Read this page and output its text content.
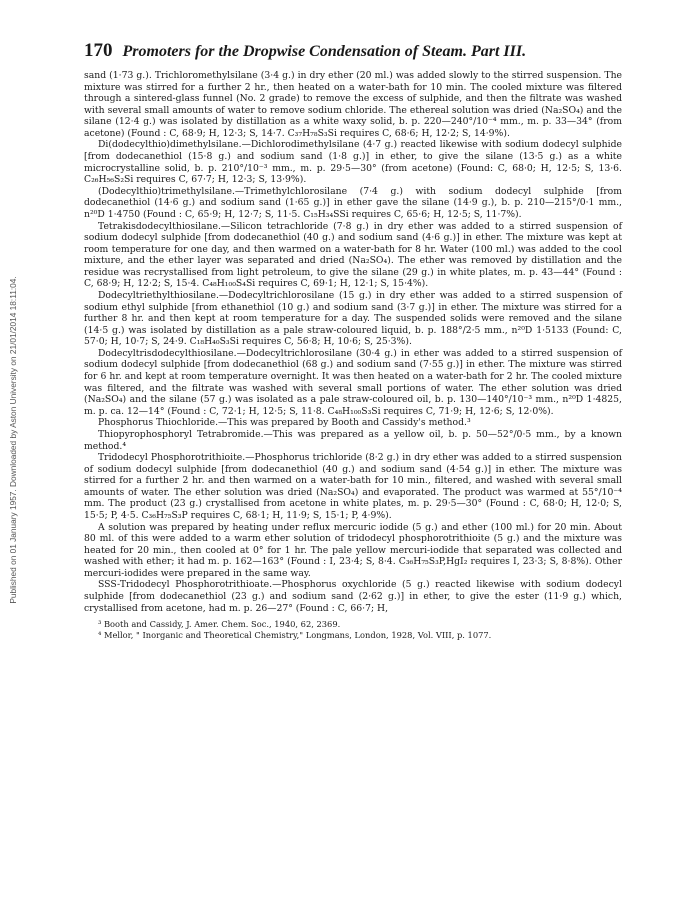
Published on 01 January 1957. Downloaded by Aston University on 21/01/2014 18:11:04.
170 Promoters for the Dropwise Condensation of Steam. Part III.

sand (1·73 g.). Trichloromethylsilane (3·4 g.) in dry ether (20 ml.) was added slowly to the stirred suspension. The mixture was stirred for a further 2 hr., then heated on a water-bath for 10 min. The cooled mixture was filtered through a sintered-glass funnel (No. 2 grade) to remove the excess of sulphide, and then the filtrate was washed with several small amounts of water to remove sodium chloride. The ethereal solution was dried (Na₂SO₄) and the silane (12·4 g.) was isolated by distillation as a white waxy solid, b. p. 220—240°/10⁻⁴ mm., m. p. 33—34° (from acetone) (Found : C, 68·9; H, 12·3; S, 14·7. C₃₇H₇₈S₃Si requires C, 68·6; H, 12·2; S, 14·9%).

Di(dodecylthio)dimethylsilane.—Dichlorodimethylsilane (4·7 g.) reacted likewise with sodium dodecyl sulphide [from dodecanethiol (15·8 g.) and sodium sand (1·8 g.)] in ether, to give the silane (13·5 g.) as a white microcrystalline solid, b. p. 210°/10⁻³ mm., m. p. 29·5—30° (from acetone) (Found: C, 68·0; H, 12·5; S, 13·6. C₂₆H₅₆S₂Si requires C, 67·7; H, 12·3; S, 13·9%).

(Dodecylthio)trimethylsilane.—Trimethylchlorosilane (7·4 g.) with sodium dodecyl sulphide [from dodecanethiol (14·6 g.) and sodium sand (1·65 g.)] in ether gave the silane (14·9 g.), b. p. 210—215°/0·1 mm., n²⁰D 1·4750 (Found : C, 65·9; H, 12·7; S, 11·5. C₁₅H₃₄SSi requires C, 65·6; H, 12·5; S, 11·7%).

Tetrakisdodecylthiosilane.—Silicon tetrachloride (7·8 g.) in dry ether was added to a stirred suspension of sodium dodecyl sulphide [from dodecanethiol (40 g.) and sodium sand (4·6 g.)] in ether. The mixture was kept at room temperature for one day, and then warmed on a water-bath for 8 hr. Water (100 ml.) was added to the cool mixture, and the ether layer was separated and dried (Na₂SO₄). The ether was removed by distillation and the residue was recrystallised from light petroleum, to give the silane (29 g.) in white plates, m. p. 43—44° (Found : C, 68·9; H, 12·2; S, 15·4. C₄₈H₁₀₀S₄Si requires C, 69·1; H, 12·1; S, 15·4%).

Dodecyltriethylthiosilane.—Dodecyltrichlorosilane (15 g.) in dry ether was added to a stirred suspension of sodium ethyl sulphide [from ethanethiol (10 g.) and sodium sand (3·7 g.)] in ether. The mixture was stirred for a further 8 hr. and then kept at room temperature for a day. The suspended solids were removed and the silane (14·5 g.) was isolated by distillation as a pale straw-coloured liquid, b. p. 188°/2·5 mm., n²⁰D 1·5133 (Found: C, 57·0; H, 10·7; S, 24·9. C₁₈H₄₀S₃Si requires C, 56·8; H, 10·6; S, 25·3%).

Dodecyltrisdodecylthiosilane.—Dodecyltrichlorosilane (30·4 g.) in ether was added to a stirred suspension of sodium dodecyl sulphide [from dodecanethiol (68 g.) and sodium sand (7·55 g.)] in ether. The mixture was stirred for 6 hr. and kept at room temperature overnight. It was then heated on a water-bath for 2 hr. The cooled mixture was filtered, and the filtrate was washed with several small portions of water. The ether solution was dried (Na₂SO₄) and the silane (57 g.) was isolated as a pale straw-coloured oil, b. p. 130—140°/10⁻³ mm., n²⁰D 1·4825, m. p. ca. 12—14° (Found : C, 72·1; H, 12·5; S, 11·8. C₄₈H₁₀₀S₃Si requires C, 71·9; H, 12·6; S, 12·0%).

Phosphorus Thiochloride.—This was prepared by Booth and Cassidy's method.³

Thiopyrophosphoryl Tetrabromide.—This was prepared as a yellow oil, b. p. 50—52°/0·5 mm., by a known method.⁴

Tridodecyl Phosphorotrithioite.—Phosphorus trichloride (8·2 g.) in dry ether was added to a stirred suspension of sodium dodecyl sulphide [from dodecanethiol (40 g.) and sodium sand (4·54 g.)] in ether. The mixture was stirred for a further 2 hr. and then warmed on a water-bath for 10 min., filtered, and washed with several small amounts of water. The ether solution was dried (Na₂SO₄) and evaporated. The product was warmed at 55°/10⁻⁴ mm. The product (23 g.) crystallised from acetone in white plates, m. p. 29·5—30° (Found : C, 68·0; H, 12·0; S, 15·5; P, 4·5. C₃₆H₇₅S₃P requires C, 68·1; H, 11·9; S, 15·1; P, 4·9%).

A solution was prepared by heating under reflux mercuric iodide (5 g.) and ether (100 ml.) for 20 min. About 80 ml. of this were added to a warm ether solution of tridodecyl phosphorotrithioite (5 g.) and the mixture was heated for 20 min., then cooled at 0° for 1 hr. The pale yellow mercuri-iodide that separated was collected and washed with ether; it had m. p. 162—163° (Found : I, 23·4; S, 8·4. C₃₆H₇₅S₃P,HgI₂ requires I, 23·3; S, 8·8%). Other mercuri-iodides were prepared in the same way.

SSS-Tridodecyl Phosphorotrithioate.—Phosphorus oxychloride (5 g.) reacted likewise with sodium dodecyl sulphide [from dodecanethiol (23 g.) and sodium sand (2·62 g.)] in ether, to give the ester (11·9 g.) which, crystallised from acetone, had m. p. 26—27° (Found : C, 66·7; H,

³ Booth and Cassidy, J. Amer. Chem. Soc., 1940, 62, 2369.

⁴ Mellor, " Inorganic and Theoretical Chemistry," Longmans, London, 1928, Vol. VIII, p. 1077.
